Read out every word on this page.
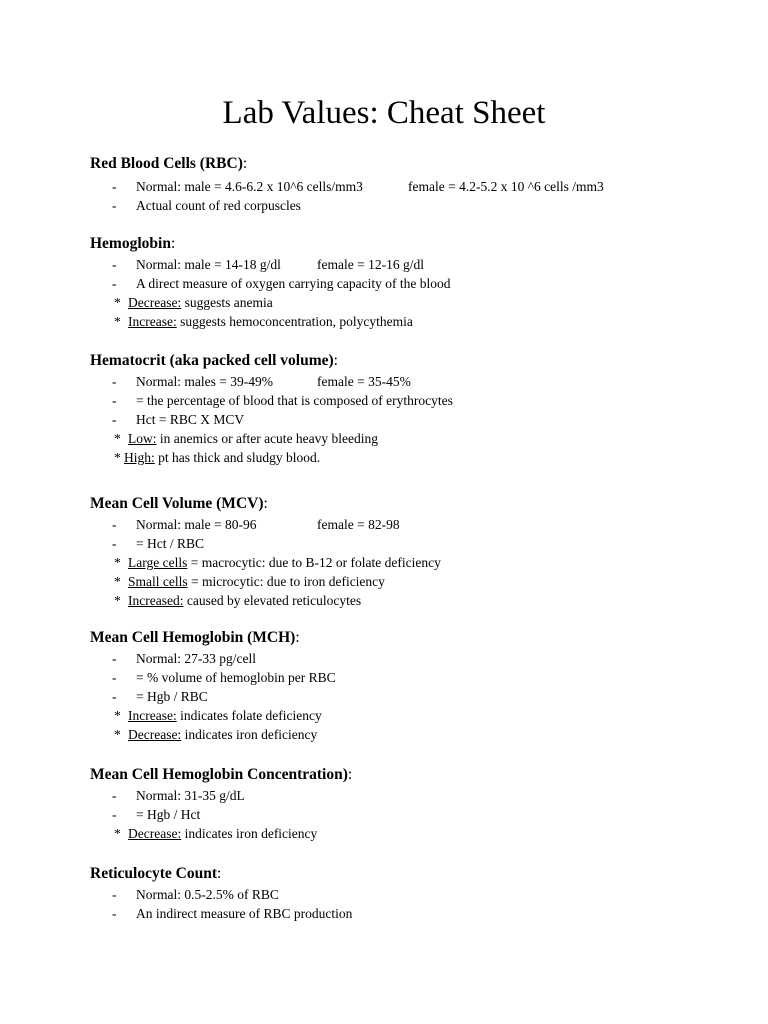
Lab Values: Cheat Sheet
Red Blood Cells (RBC):
- Normal: male = 4.6-6.2 x 10^6 cells/mm3	female = 4.2-5.2 x 10 ^6 cells /mm3
- Actual count of red corpuscles
Hemoglobin:
- Normal: male = 14-18 g/dl	female = 12-16 g/dl
- A direct measure of oxygen carrying capacity of the blood
* Decrease: suggests anemia
* Increase: suggests hemoconcentration, polycythemia
Hematocrit (aka packed cell volume):
- Normal: males = 39-49%	female = 35-45%
- = the percentage of blood that is composed of erythrocytes
- Hct = RBC X MCV
* Low: in anemics or after acute heavy bleeding
* High: pt has thick and sludgy blood.
Mean Cell Volume (MCV):
- Normal: male = 80-96	female = 82-98
- = Hct / RBC
* Large cells = macrocytic: due to B-12 or folate deficiency
* Small cells = microcytic: due to iron deficiency
* Increased: caused by elevated reticulocytes
Mean Cell Hemoglobin (MCH):
- Normal: 27-33 pg/cell
- = % volume of hemoglobin per RBC
- = Hgb / RBC
* Increase: indicates folate deficiency
* Decrease: indicates iron deficiency
Mean Cell Hemoglobin Concentration):
- Normal: 31-35 g/dL
- = Hgb / Hct
* Decrease: indicates iron deficiency
Reticulocyte Count:
- Normal: 0.5-2.5% of RBC
- An indirect measure of RBC production
